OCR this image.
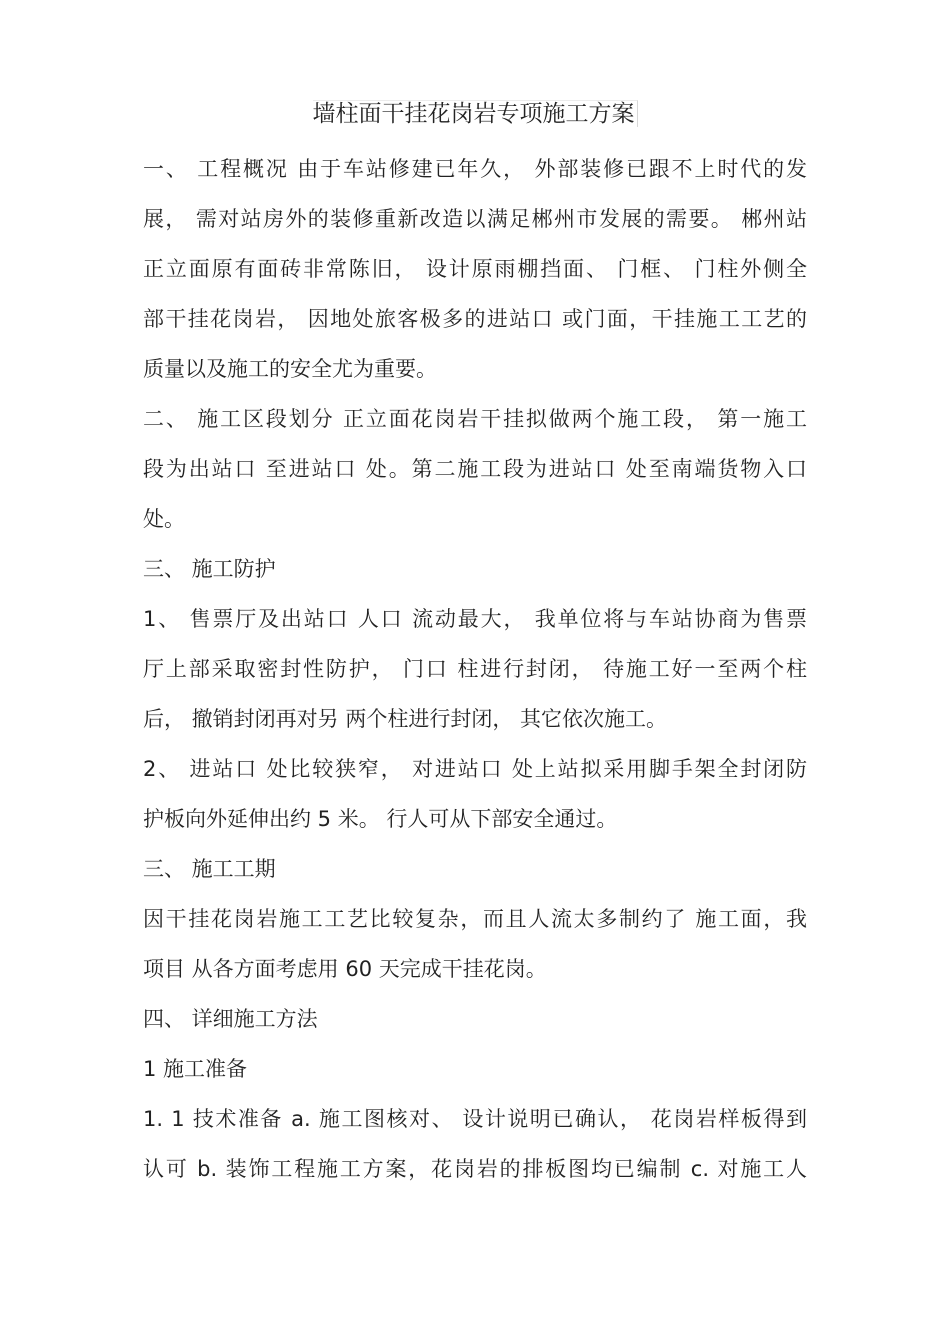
墙柱面干挂花岗岩专项施工方案

一、 工程概况 由于车站修建已年久， 外部装修已跟不上时代的发
展， 需对站房外的装修重新改造以满足郴州市发展的需要。 郴州站
正立面原有面砖非常陈旧， 设计原雨棚挡面、 门框、 门柱外侧全
部干挂花岗岩， 因地处旅客极多的进站口 或门面，干挂施工工艺的
质量以及施工的安全尤为重要。
二、 施工区段划分 正立面花岗岩干挂拟做两个施工段， 第一施工
段为出站口 至进站口 处。第二施工段为进站口 处至南端货物入口
处。
三、 施工防护
1、 售票厅及出站口 人口 流动最大， 我单位将与车站协商为售票
厅上部采取密封性防护， 门口 柱进行封闭， 待施工好一至两个柱
后， 撤销封闭再对另 两个柱进行封闭， 其它依次施工。
2、 进站口 处比较狭窄， 对进站口 处上站拟采用脚手架全封闭防
护板向外延伸出约 5 米。 行人可从下部安全通过。
三、 施工工期
因干挂花岗岩施工工艺比较复杂，而且人流太多制约了 施工面，我
项目 从各方面考虑用 60 天完成干挂花岗。
四、 详细施工方法
1 施工准备
1. 1 技术准备 a. 施工图核对、 设计说明已确认， 花岗岩样板得到
认可 b. 装饰工程施工方案，花岗岩的排板图均已编制 c. 对施工人
